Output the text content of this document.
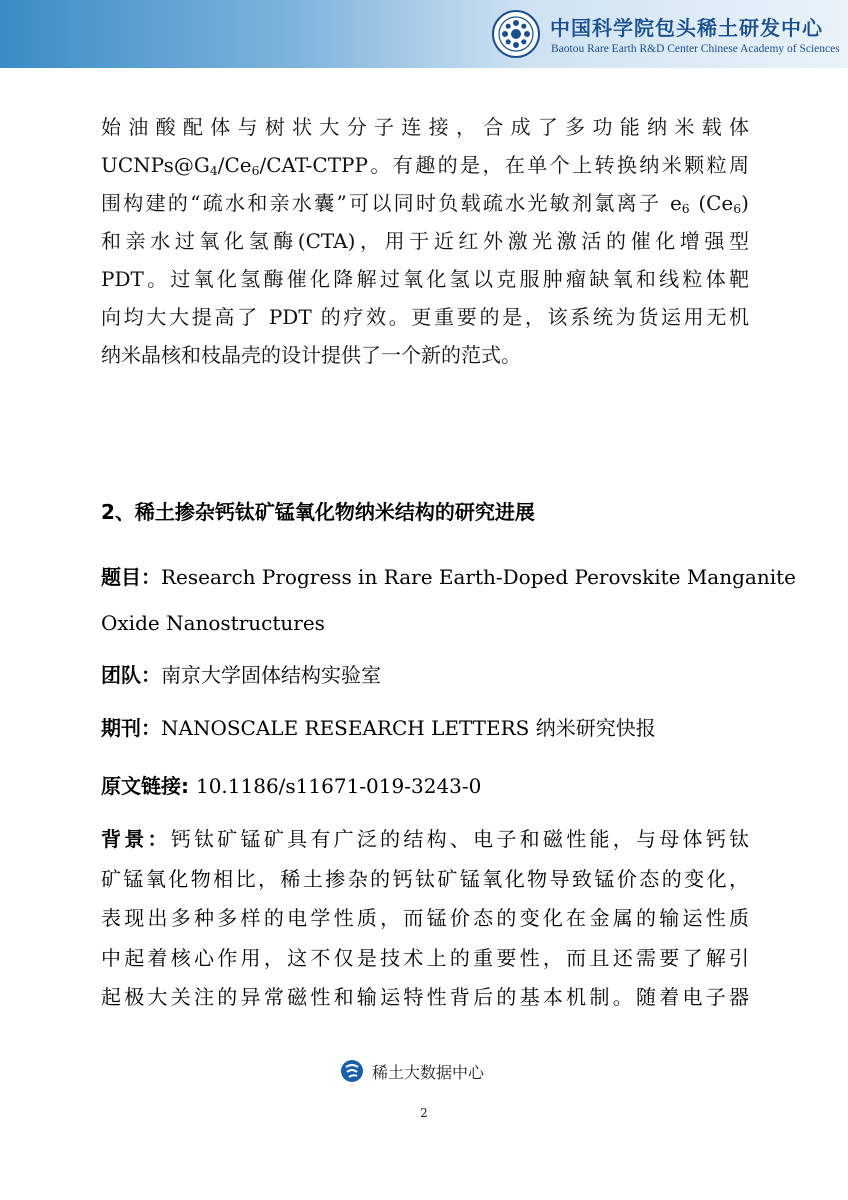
中国科学院包头稀土研发中心
Baotou Rare Earth R&D Center Chinese Academy of Sciences
始油酸配体与树状大分子连接，合成了多功能纳米载体
$UCNPs@G_4/Ce_6/CAT$-CTPP。有趣的是，在单个上转换纳米颗粒周
围构建的“疏水和亲水囊”可以同时负载疏水光敏剂氯离子 $e_6$ $(Ce_6)$
和亲水过氧化氢酶(CTA)，用于近红外激光激活的催化增强型
PDT。过氧化氢酶催化降解过氧化氢以克服肿瘤缺氧和线粒体靶
向均大大提高了 PDT 的疗效。更重要的是，该系统为货运用无机
纳米晶核和枝晶壳的设计提供了一个新的范式。
2、稀土掺杂钙钛矿锰氧化物纳米结构的研究进展
题目：Research Progress in Rare Earth-Doped Perovskite Manganite
Oxide Nanostructures
团队：南京大学固体结构实验室
期刊：NANOSCALE RESEARCH LETTERS 纳米研究快报
原文链接: 10.1186/s11671-019-3243-0
背景：钙钛矿锰矿具有广泛的结构、电子和磁性能，与母体钙钛
矿锰氧化物相比，稀土掺杂的钙钛矿锰氧化物导致锰价态的变化，
表现出多种多样的电学性质，而锰价态的变化在金属的输运性质
中起着核心作用，这不仅是技术上的重要性，而且还需要了解引
起极大关注的异常磁性和输运特性背后的基本机制。随着电子器
稀土大数据中心
2
